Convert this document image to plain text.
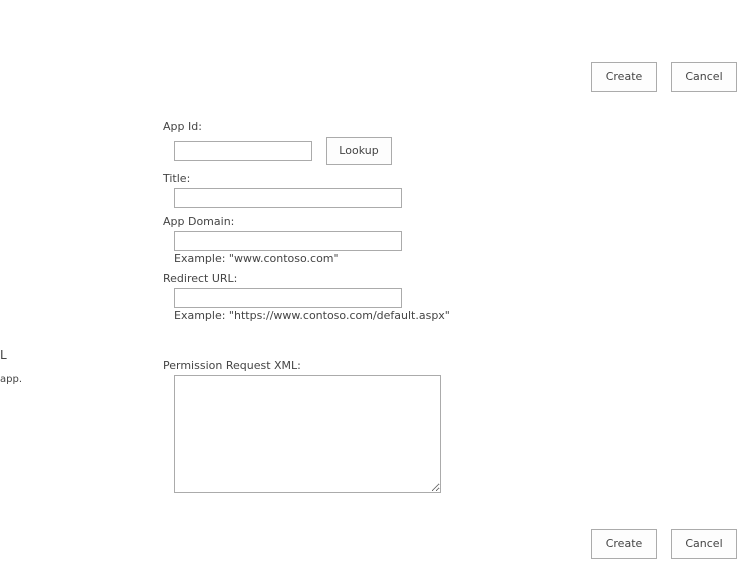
Create	Cancel
L
app.
App Id:
Lookup
Title:
App Domain:
Example: "www.contoso.com"
Redirect URL:
Example: "https://www.contoso.com/default.aspx"
Permission Request XML:
Create	Cancel
